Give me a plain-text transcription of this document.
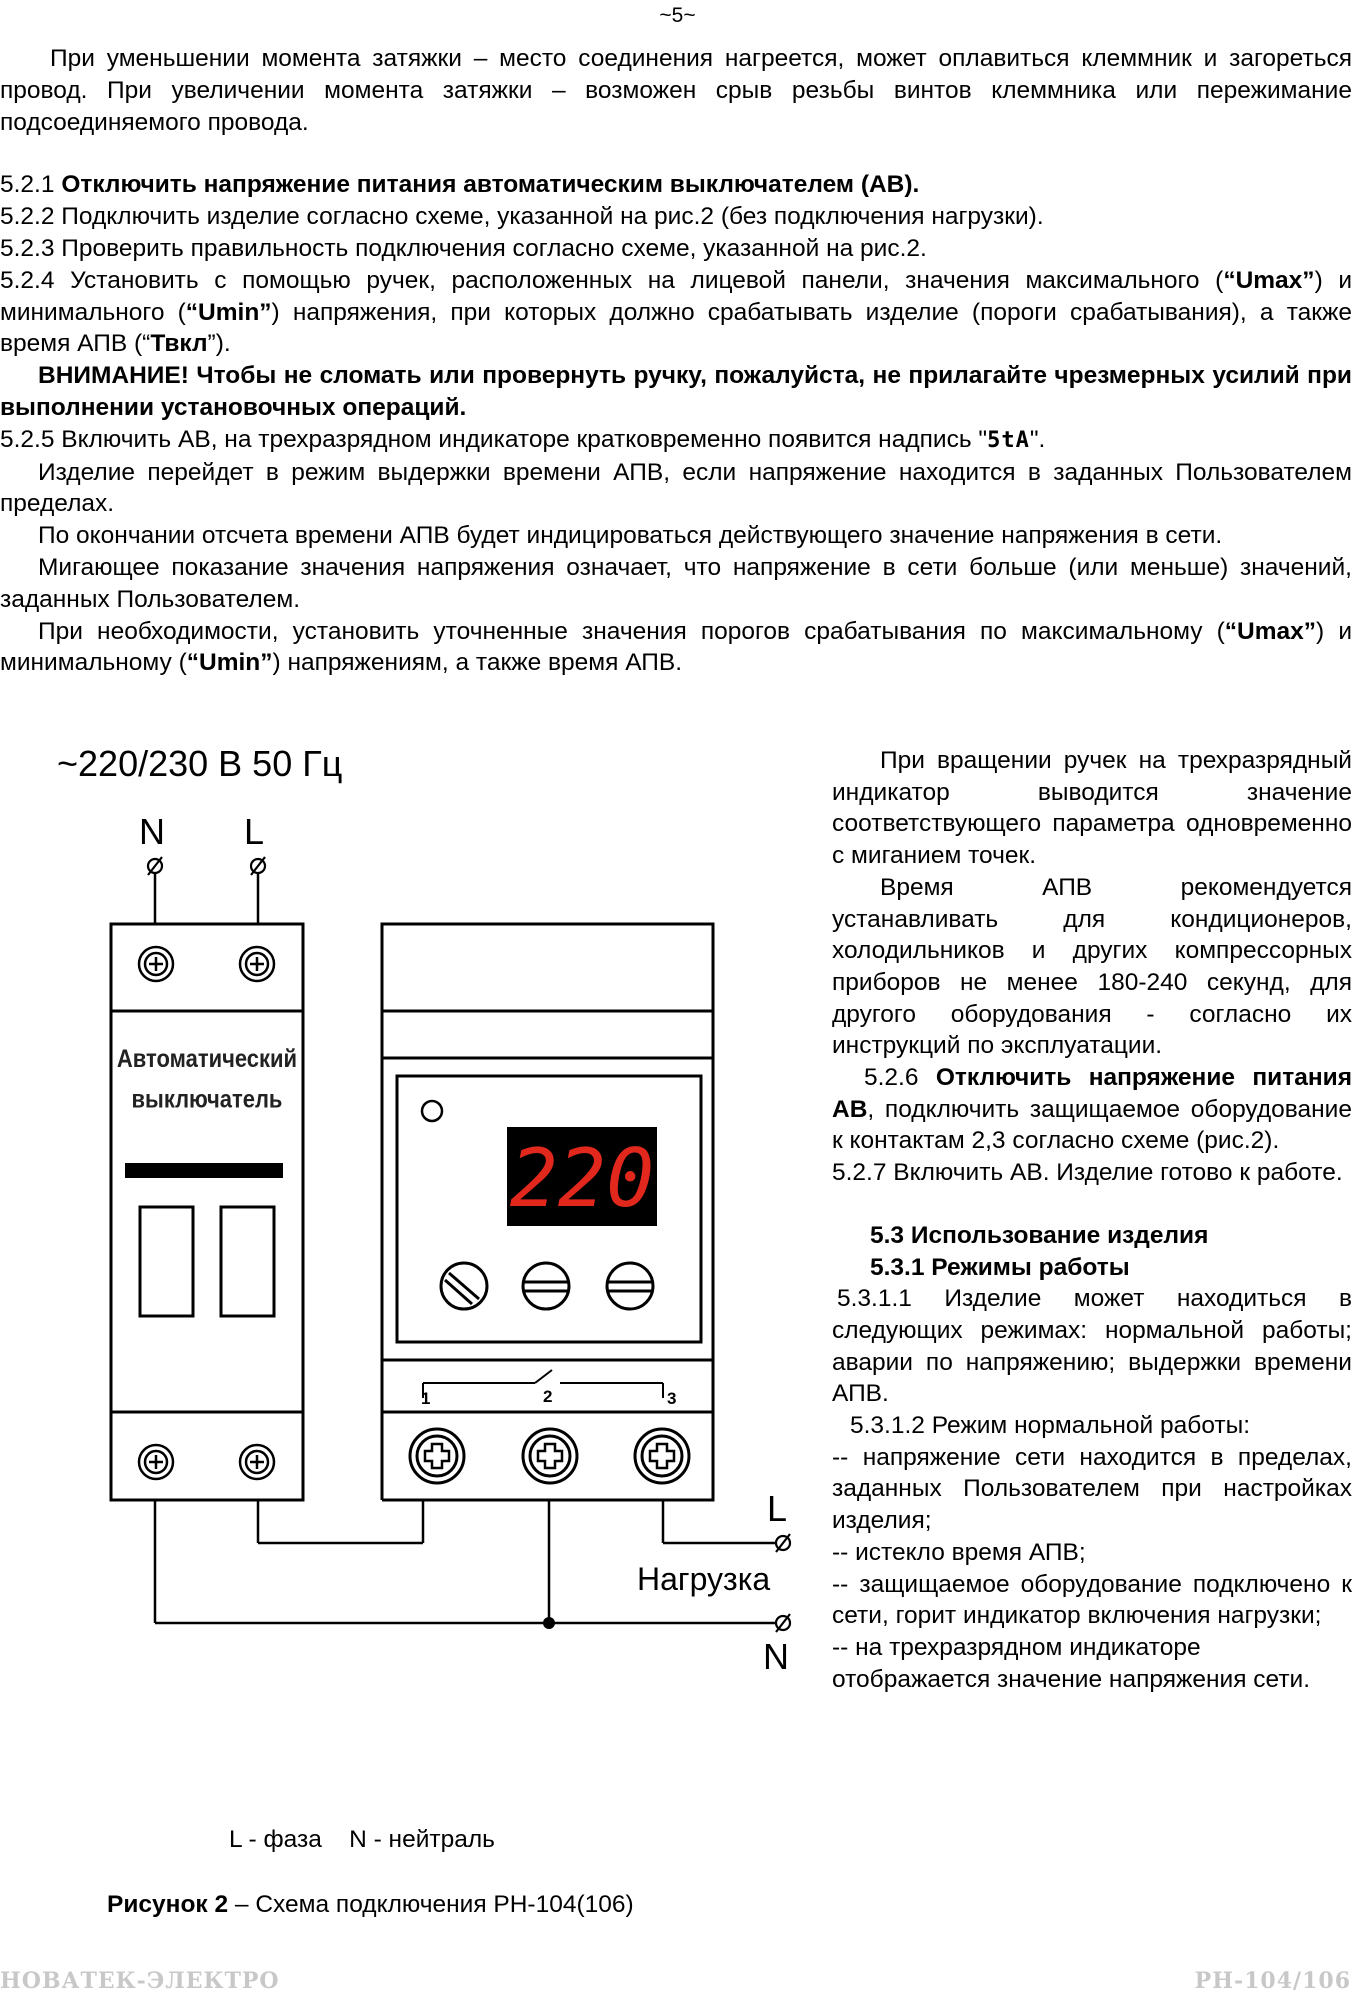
~5~

При уменьшении момента затяжки – место соединения нагреется, может оплавиться клеммник и загореться провод. При увеличении момента затяжки – возможен срыв резьбы винтов клеммника или пережимание подсоединяемого провода.

5.2.1 Отключить напряжение питания автоматическим выключателем (АВ).

5.2.2 Подключить изделие согласно схеме, указанной на рис.2 (без подключения нагрузки).

5.2.3 Проверить правильность подключения согласно схеме, указанной на рис.2.

5.2.4 Установить с помощью ручек, расположенных на лицевой панели, значения максимального (“Umax”) и минимального (“Umin”) напряжения, при которых должно срабатывать изделие (пороги срабатывания), а также время АПВ (“Твкл”).

ВНИМАНИЕ! Чтобы не сломать или провернуть ручку, пожалуйста, не прилагайте чрезмерных усилий при выполнении установочных операций.

5.2.5 Включить АВ, на трехразрядном индикаторе кратковременно появится надпись "5tA".

Изделие перейдет в режим выдержки времени АПВ, если напряжение находится в заданных Пользователем пределах.

По окончании отсчета времени АПВ будет индицироваться действующего значение напряжения в сети.

Мигающее показание значения напряжения означает, что напряжение в сети больше (или меньше) значений, заданных Пользователем.

При необходимости, установить уточненные значения порогов срабатывания по максимальному (“Umax”) и минимальному (“Umin”) напряжениям, а также время АПВ.

220
~220/230 В 50 Гц
N L
Автоматический
выключатель
1	2	3
L
Нагрузка
N

При вращении ручек на трехразрядный индикатор выводится значение соответствующего параметра одновременно с миганием точек.

Время АПВ рекомендуется устанавливать для кондиционеров, холодильников и других компрессорных приборов не менее 180-240 секунд, для другого оборудования - согласно их инструкций по эксплуатации.

5.2.6 Отключить напряжение питания АВ, подключить защищаемое оборудование к контактам 2,3 согласно схеме (рис.2).

5.2.7 Включить АВ. Изделие готово к работе.

5.3 Использование изделия

5.3.1 Режимы работы

5.3.1.1 Изделие может находиться в следующих режимах: нормальной работы; аварии по напряжению; выдержки времени АПВ.

5.3.1.2 Режим нормальной работы:

-- напряжение сети находится в пределах, заданных Пользователем при настройках изделия;

-- истекло время АПВ;

-- защищаемое оборудование подключено к сети, горит индикатор включения нагрузки;

-- на трехразрядном индикаторе отображается значение напряжения сети.

L - фаза    N - нейтраль
Рисунок 2 – Схема подключения РН-104(106)
НОВАТЕК-ЭЛЕКТРО	РН-104/106
